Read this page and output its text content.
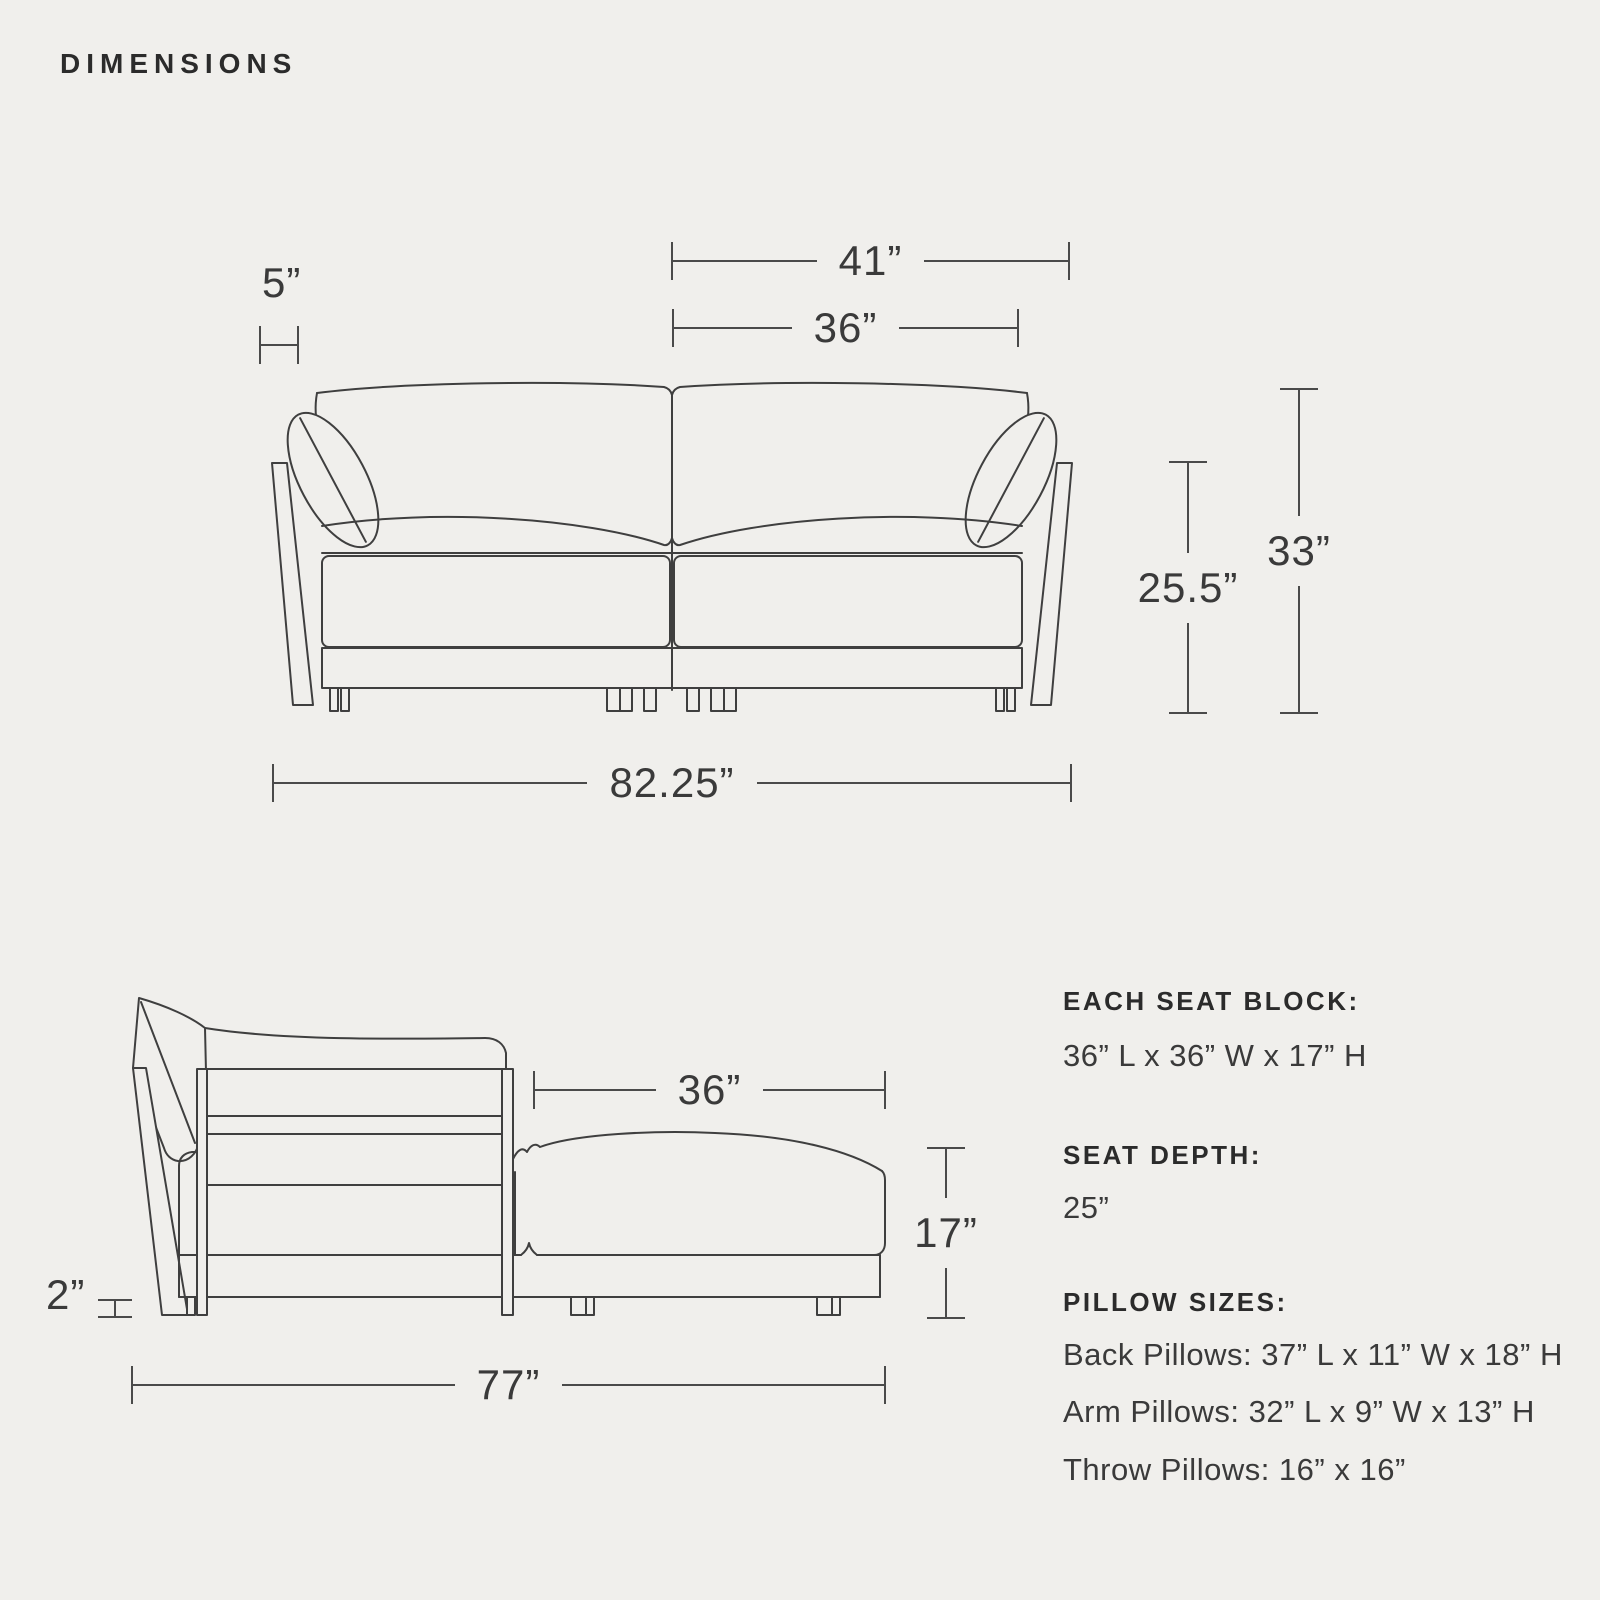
DIMENSIONS
41”
36”
5”
25.5”
33”
82.25”
36”
17”
2”
77”
EACH SEAT BLOCK:
36” L x 36” W x 17” H
SEAT DEPTH:
25”
PILLOW SIZES:
Back Pillows: 37” L x 11” W x 18” H
Arm Pillows: 32” L x 9” W x 13” H
Throw Pillows: 16” x 16”
